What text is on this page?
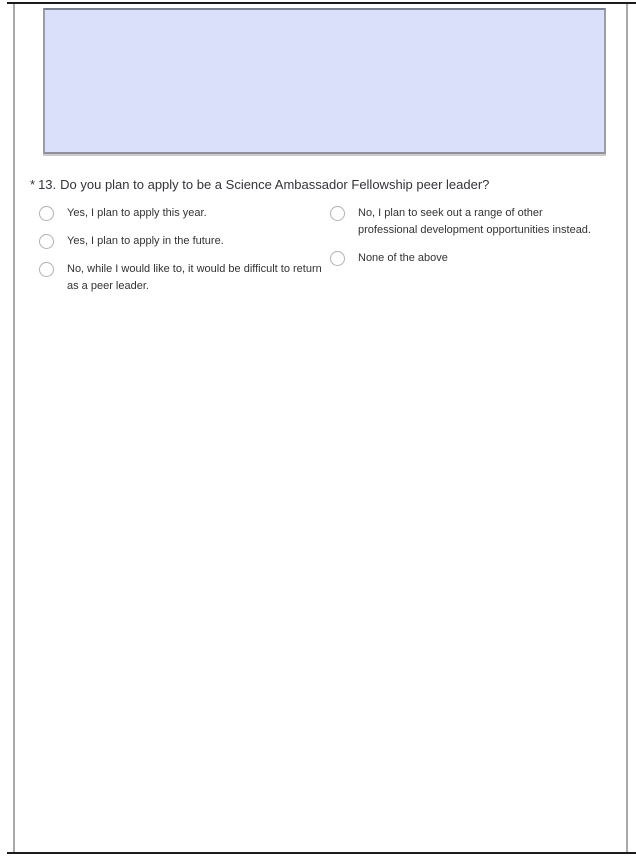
* 13. Do you plan to apply to be a Science Ambassador Fellowship peer leader?
Yes, I plan to apply this year.
Yes, I plan to apply in the future.
No, while I would like to, it would be difficult to return as a peer leader.
No, I plan to seek out a range of other professional development opportunities instead.
None of the above
